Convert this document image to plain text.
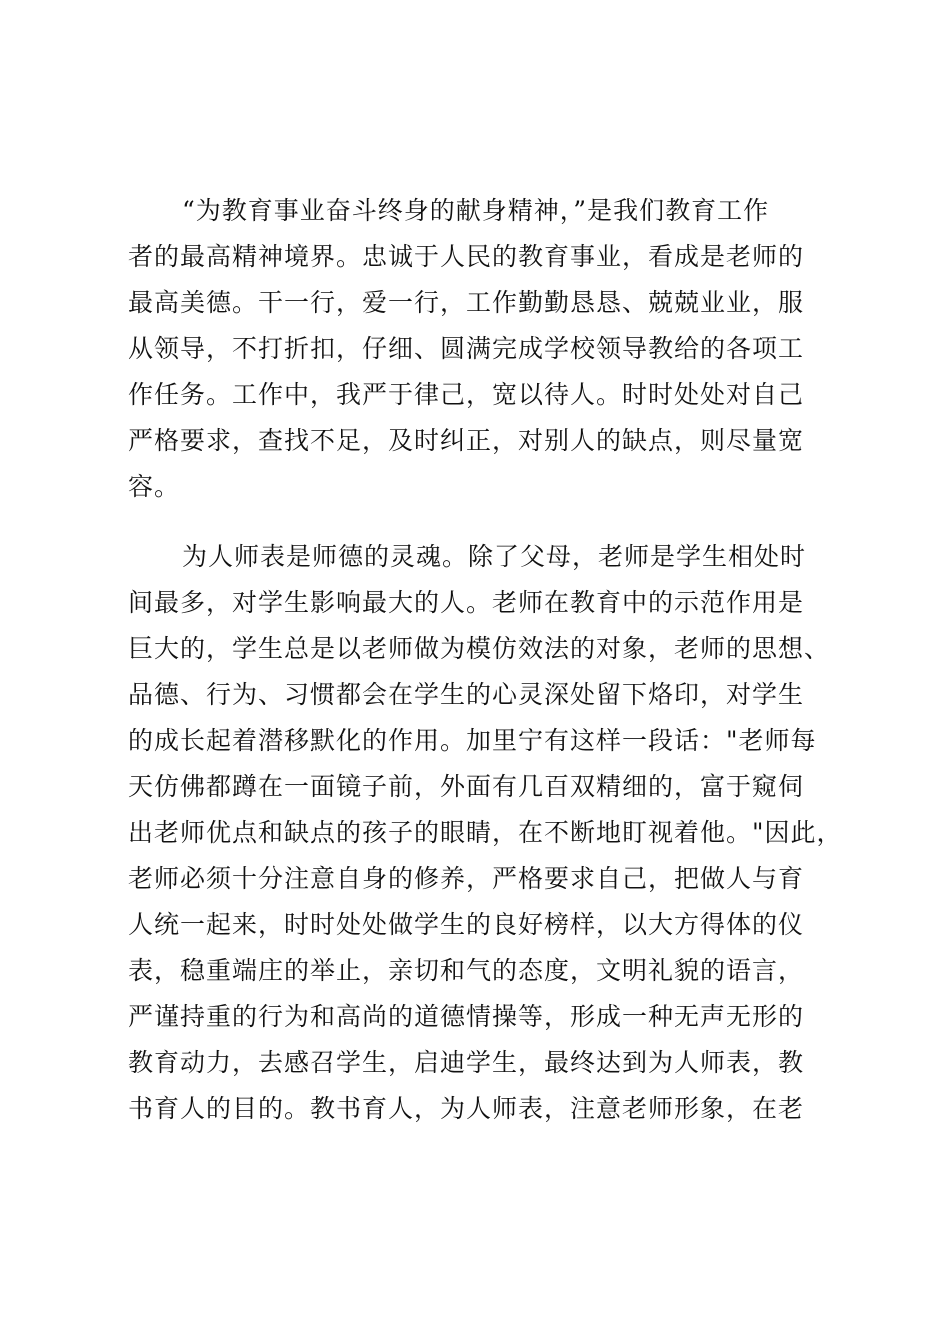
“为教育事业奋斗终身的献身精神，”是我们教育工作
者的最高精神境界。忠诚于人民的教育事业，看成是老师的
最高美德。干一行，爱一行，工作勤勤恳恳、兢兢业业，服
从领导，不打折扣，仔细、圆满完成学校领导教给的各项工
作任务。工作中，我严于律己，宽以待人。时时处处对自己
严格要求，查找不足，及时纠正，对别人的缺点，则尽量宽
容。
为人师表是师德的灵魂。除了父母，老师是学生相处时
间最多，对学生影响最大的人。老师在教育中的示范作用是
巨大的，学生总是以老师做为模仿效法的对象，老师的思想、
品德、行为、习惯都会在学生的心灵深处留下烙印，对学生
的成长起着潜移默化的作用。加里宁有这样一段话："老师每
天仿佛都蹲在一面镜子前，外面有几百双精细的，富于窥伺
出老师优点和缺点的孩子的眼睛，在不断地盯视着他。"因此，
老师必须十分注意自身的修养，严格要求自己，把做人与育
人统一起来，时时处处做学生的良好榜样，以大方得体的仪
表，稳重端庄的举止，亲切和气的态度，文明礼貌的语言，
严谨持重的行为和高尚的道德情操等，形成一种无声无形的
教育动力，去感召学生，启迪学生，最终达到为人师表，教
书育人的目的。教书育人，为人师表，注意老师形象，在老
